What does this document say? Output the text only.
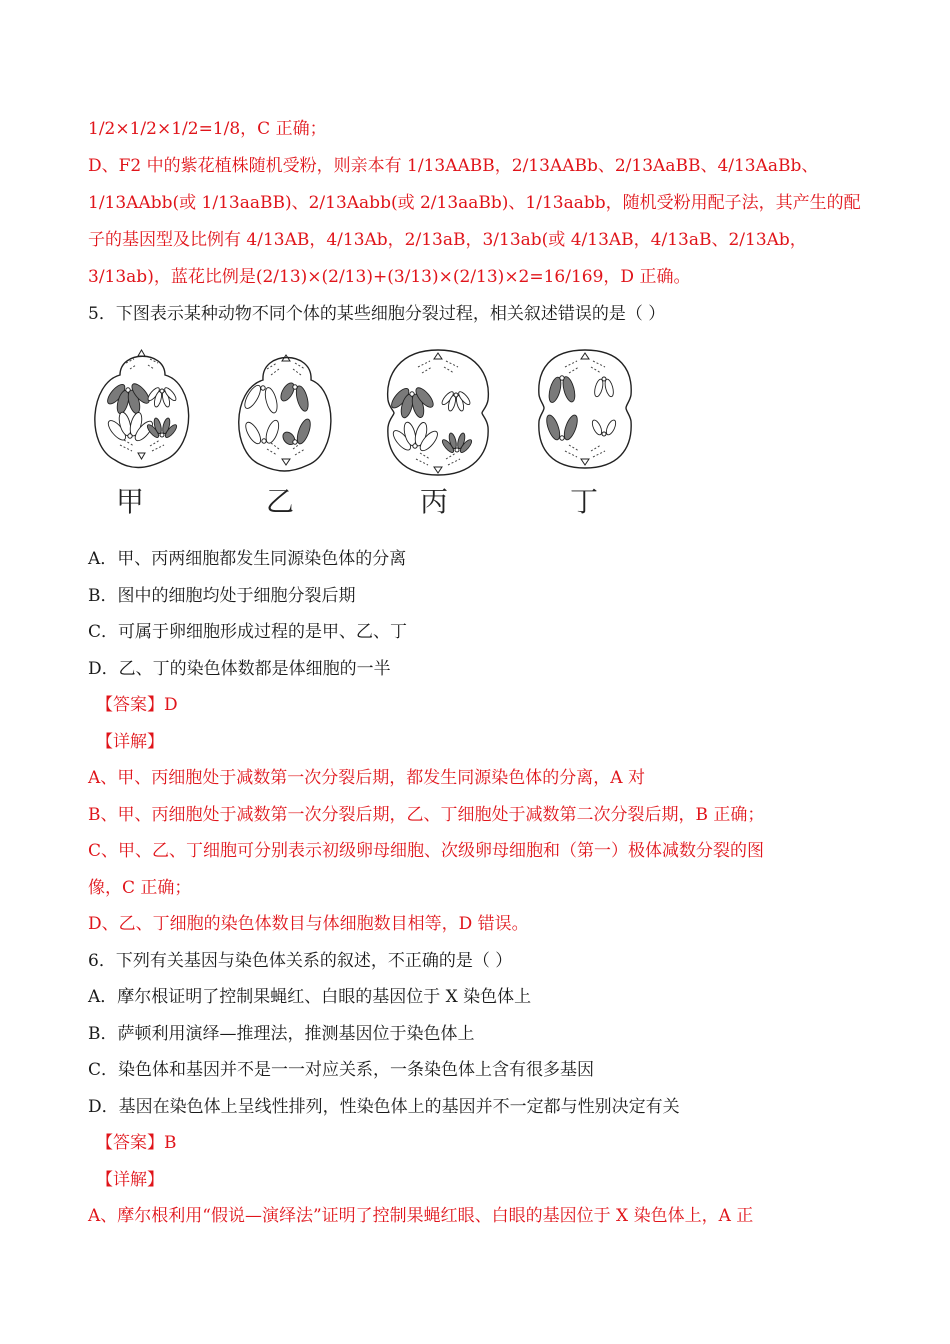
1/2×1/2×1/2=1/8，C 正确；
D、F2 中的紫花植株随机受粉，则亲本有 1/13AABB，2/13AABb、2/13AaBB、4/13AaBb、
1/13AAbb(或 1/13aaBB)、2/13Aabb(或 2/13aaBb)、1/13aabb，随机受粉用配子法，其产生的配
子的基因型及比例有 4/13AB，4/13Ab，2/13aB，3/13ab(或 4/13AB，4/13aB、2/13Ab，
3/13ab)，蓝花比例是(2/13)×(2/13)+(3/13)×(2/13)×2=16/169，D 正确。
5．下图表示某种动物不同个体的某些细胞分裂过程，相关叙述错误的是（ ）
甲	乙	丙	丁
A．甲、丙两细胞都发生同源染色体的分离
B．图中的细胞均处于细胞分裂后期
C．可属于卵细胞形成过程的是甲、乙、丁
D．乙、丁的染色体数都是体细胞的一半
【答案】D
【详解】
A、甲、丙细胞处于减数第一次分裂后期，都发生同源染色体的分离，A 对
B、甲、丙细胞处于减数第一次分裂后期，乙、丁细胞处于减数第二次分裂后期，B 正确；
C、甲、乙、丁细胞可分别表示初级卵母细胞、次级卵母细胞和（第一）极体减数分裂的图
像，C 正确；
D、乙、丁细胞的染色体数目与体细胞数目相等，D 错误。
6．下列有关基因与染色体关系的叙述，不正确的是（ ）
A．摩尔根证明了控制果蝇红、白眼的基因位于 X 染色体上
B．萨顿利用演绎—推理法，推测基因位于染色体上
C．染色体和基因并不是一一对应关系，一条染色体上含有很多基因
D．基因在染色体上呈线性排列，性染色体上的基因并不一定都与性别决定有关
【答案】B
【详解】
A、摩尔根利用“假说—演绎法”证明了控制果蝇红眼、白眼的基因位于 X 染色体上，A 正
